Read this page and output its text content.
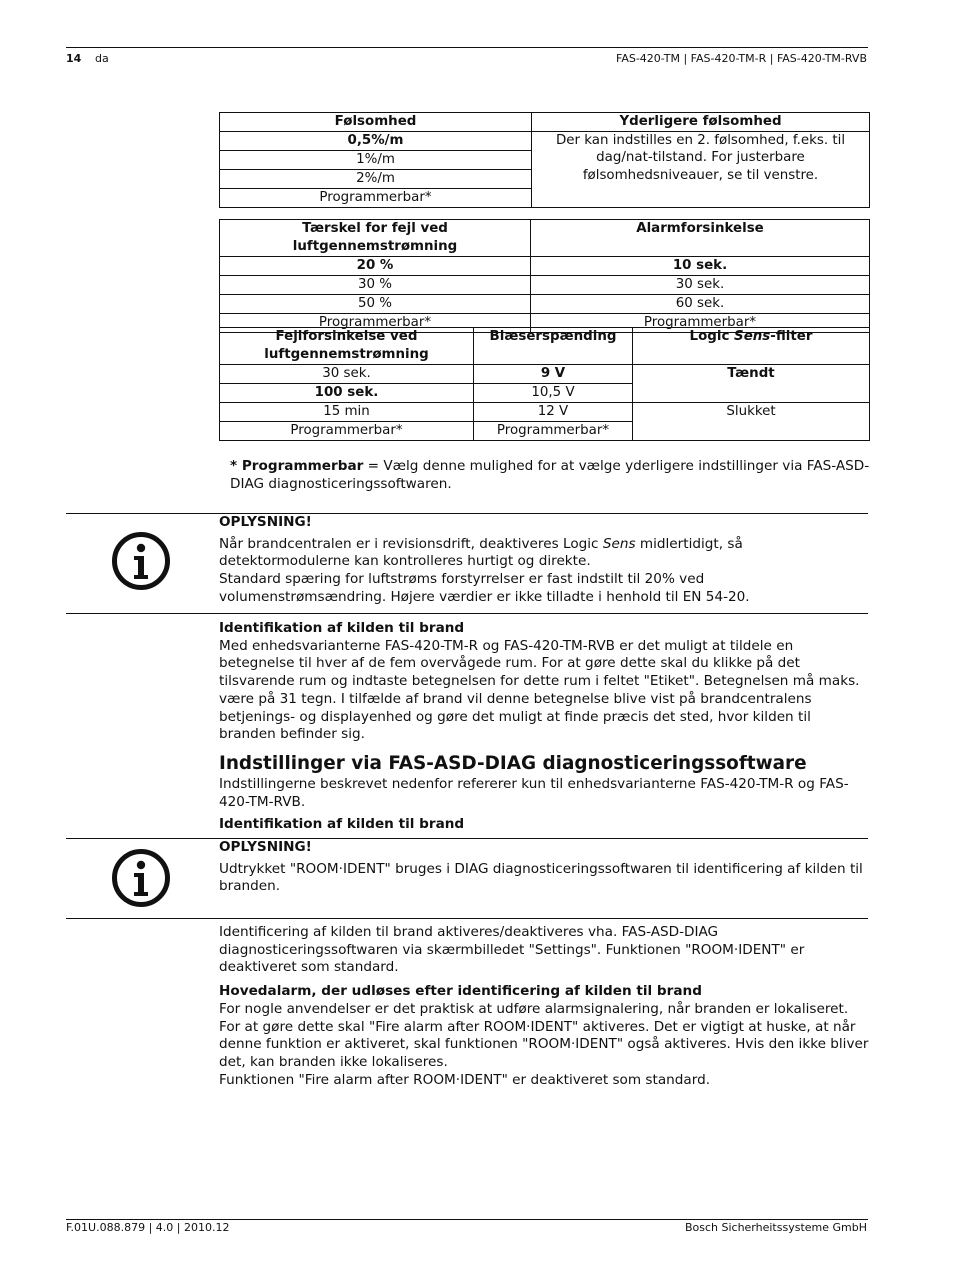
14 da	FAS-420-TM | FAS-420-TM-R | FAS-420-TM-RVB
Følsomhed	Yderligere følsomhed
0,5%/m	Der kan indstilles en 2. følsomhed, f.eks. til dag/nat-tilstand. For justerbare følsomhedsniveauer, se til venstre.
1%/m	
2%/m	
Programmerbar*	
Tærskel for fejl ved luftgennemstrømning	Alarmforsinkelse
20 %	10 sek.
30 %	30 sek.
50 %	60 sek.
Programmerbar*	Programmerbar*
Fejlforsinkelse ved luftgennemstrømning	Blæserspænding	Logic Sens-filter
30 sek.	9 V	Tændt
100 sek.	10,5 V	
15 min	12 V	Slukket
Programmerbar*	Programmerbar*	
* Programmerbar = Vælg denne mulighed for at vælge yderligere indstillinger via FAS-ASD-DIAG diagnosticeringssoftwaren.
OPLYSNING!
Når brandcentralen er i revisionsdrift, deaktiveres Logic Sens midlertidigt, så detektormodulerne kan kontrolleres hurtigt og direkte.
Standard spæring for luftstrøms forstyrrelser er fast indstilt til 20% ved volumenstrømsændring. Højere værdier er ikke tilladte i henhold til EN 54-20.
Identifikation af kilden til brand
Med enhedsvarianterne FAS-420-TM-R og FAS-420-TM-RVB er det muligt at tildele en betegnelse til hver af de fem overvågede rum. For at gøre dette skal du klikke på det tilsvarende rum og indtaste betegnelsen for dette rum i feltet "Etiket". Betegnelsen må maks. være på 31 tegn. I tilfælde af brand vil denne betegnelse blive vist på brandcentralens betjenings- og displayenhed og gøre det muligt at finde præcis det sted, hvor kilden til branden befinder sig.
Indstillinger via FAS-ASD-DIAG diagnosticeringssoftware
Indstillingerne beskrevet nedenfor refererer kun til enhedsvarianterne FAS-420-TM-R og FAS-420-TM-RVB.
Identifikation af kilden til brand
OPLYSNING!
Udtrykket "ROOM·IDENT" bruges i DIAG diagnosticeringssoftwaren til identificering af kilden til branden.
Identificering af kilden til brand aktiveres/deaktiveres vha. FAS-ASD-DIAG diagnosticeringssoftwaren via skærmbilledet "Settings". Funktionen "ROOM·IDENT" er deaktiveret som standard.
Hovedalarm, der udløses efter identificering af kilden til brand
For nogle anvendelser er det praktisk at udføre alarmsignalering, når branden er lokaliseret. For at gøre dette skal "Fire alarm after ROOM·IDENT" aktiveres. Det er vigtigt at huske, at når denne funktion er aktiveret, skal funktionen "ROOM·IDENT" også aktiveres. Hvis den ikke bliver det, kan branden ikke lokaliseres.
Funktionen "Fire alarm after ROOM·IDENT" er deaktiveret som standard.
F.01U.088.879 | 4.0 | 2010.12	Bosch Sicherheitssysteme GmbH
